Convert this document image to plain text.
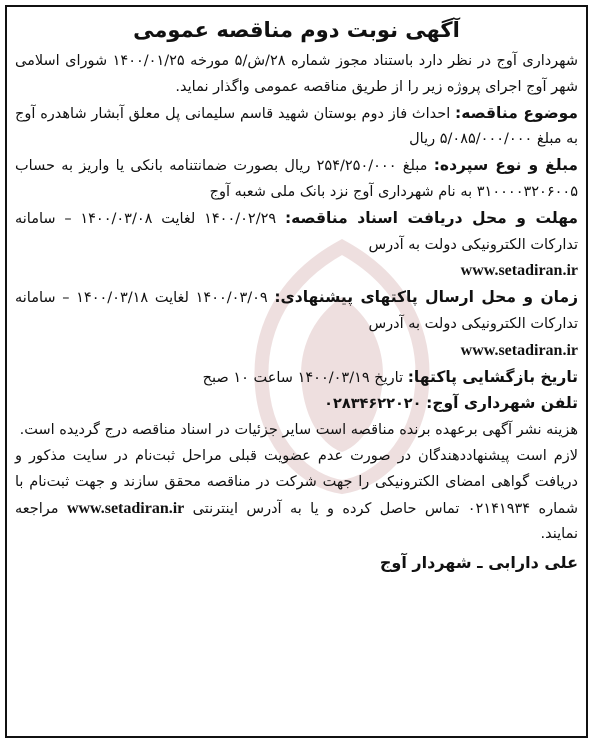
آگهی نوبت دوم مناقصه عمومی

شهرداری آوج در نظر دارد باستناد مجوز شماره ۲۸/ش/۵ مورخه ۱۴۰۰/۰۱/۲۵ شورای اسلامی شهر آوج اجرای پروژه زیر را از طریق مناقصه عمومی واگذار نماید.

موضوع مناقصه: احداث فاز دوم بوستان شهید قاسم سلیمانی پل معلق آبشار شاهدره آوج به مبلغ ۵/۰۸۵/۰۰۰/۰۰۰ ریال

مبلغ و نوع سپرده: مبلغ ۲۵۴/۲۵۰/۰۰۰ ریال بصورت ضمانتنامه بانکی یا واریز به حساب ۳۱۰۰۰۰۳۲۰۶۰۰۵ به نام شهرداری آوج نزد بانک ملی شعبه آوج

مهلت و محل دریافت اسناد مناقصه: ۱۴۰۰/۰۲/۲۹ لغایت ۱۴۰۰/۰۳/۰۸ – سامانه تدارکات الکترونیکی دولت به آدرس

www.setadiran.ir

زمان و محل ارسال پاکتهای پیشنهادی: ۱۴۰۰/۰۳/۰۹ لغایت ۱۴۰۰/۰۳/۱۸ – سامانه تدارکات الکترونیکی دولت به آدرس

www.setadiran.ir

تاریخ بازگشایی پاکتها: تاریخ ۱۴۰۰/۰۳/۱۹ ساعت ۱۰ صبح

تلفن شهرداری آوج: ۰۲۸۳۴۶۲۲۰۲۰

هزینه نشر آگهی برعهده برنده مناقصه است سایر جزئیات در اسناد مناقصه درج گردیده است.

لازم است پیشنهاددهندگان در صورت عدم عضویت قبلی مراحل ثبت‌نام در سایت مذکور و دریافت گواهی امضای الکترونیکی را جهت شرکت در مناقصه محقق سازند و جهت ثبت‌نام با شماره ۰۲۱۴۱۹۳۴ تماس حاصل کرده و یا به آدرس اینترنتی www.setadiran.ir مراجعه نمایند.

علی دارابی ـ شهردار آوج
